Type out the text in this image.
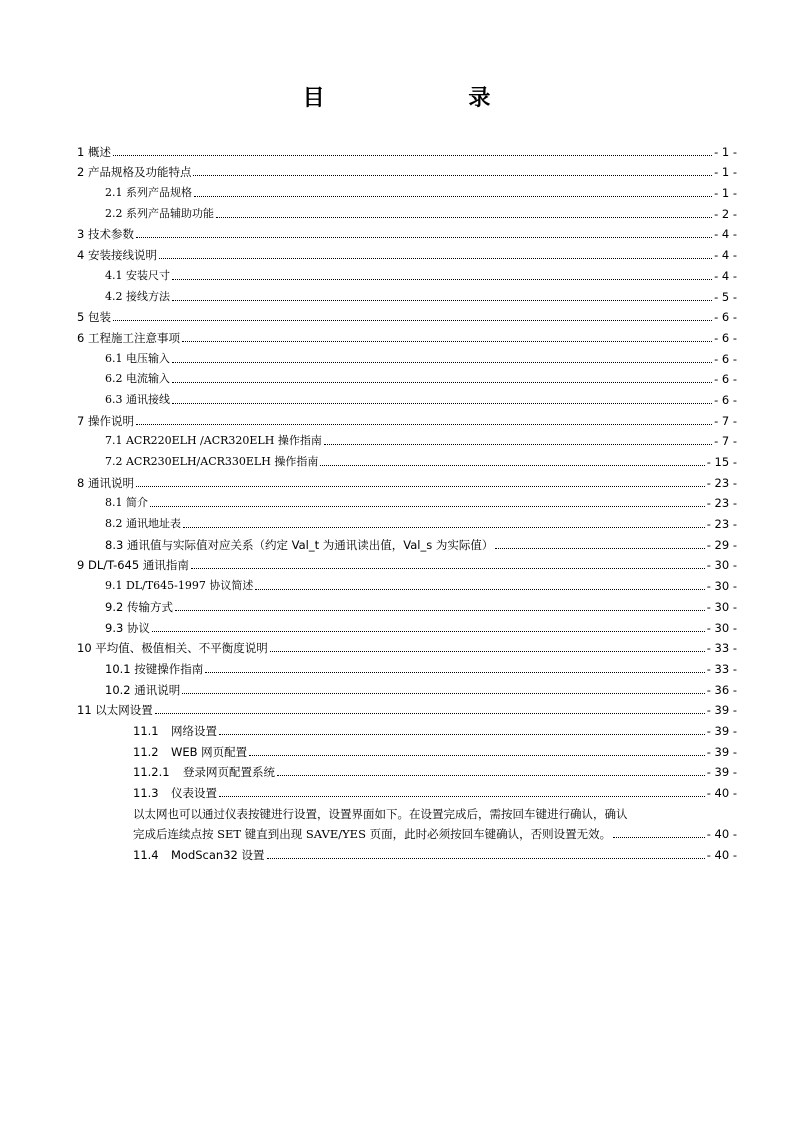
目 录
1 概述	- 1 -
2 产品规格及功能特点	- 1 -
2.1 系列产品规格	- 1 -
2.2 系列产品辅助功能	- 2 -
3 技术参数	- 4 -
4 安装接线说明	- 4 -
4.1 安装尺寸	- 4 -
4.2 接线方法	- 5 -
5 包装	- 6 -
6 工程施工注意事项	- 6 -
6.1 电压输入	- 6 -
6.2 电流输入	- 6 -
6.3 通讯接线	- 6 -
7 操作说明	- 7 -
7.1 ACR220ELH /ACR320ELH 操作指南	- 7 -
7.2 ACR230ELH/ACR330ELH 操作指南	- 15 -
8 通讯说明	- 23 -
8.1 简介	- 23 -
8.2 通讯地址表	- 23 -
8.3 通讯值与实际值对应关系（约定 Val_t 为通讯读出值，Val_s 为实际值）	- 29 -
9 DL/T-645 通讯指南	- 30 -
9.1 DL/T645-1997 协议简述	- 30 -
9.2 传输方式	- 30 -
9.3 协议	- 30 -
10 平均值、极值相关、不平衡度说明	- 33 -
10.1 按键操作指南	- 33 -
10.2 通讯说明	- 36 -
11 以太网设置	- 39 -
11.1 网络设置	- 39 -
11.2 WEB 网页配置	- 39 -
11.2.1 登录网页配置系统	- 39 -
11.3 仪表设置	- 40 -
以太网也可以通过仪表按键进行设置，设置界面如下。在设置完成后，需按回车键进行确认，确认
完成后连续点按 SET 键直到出现 SAVE/YES 页面，此时必须按回车键确认，否则设置无效。	- 40 -
11.4 ModScan32 设置	- 40 -
